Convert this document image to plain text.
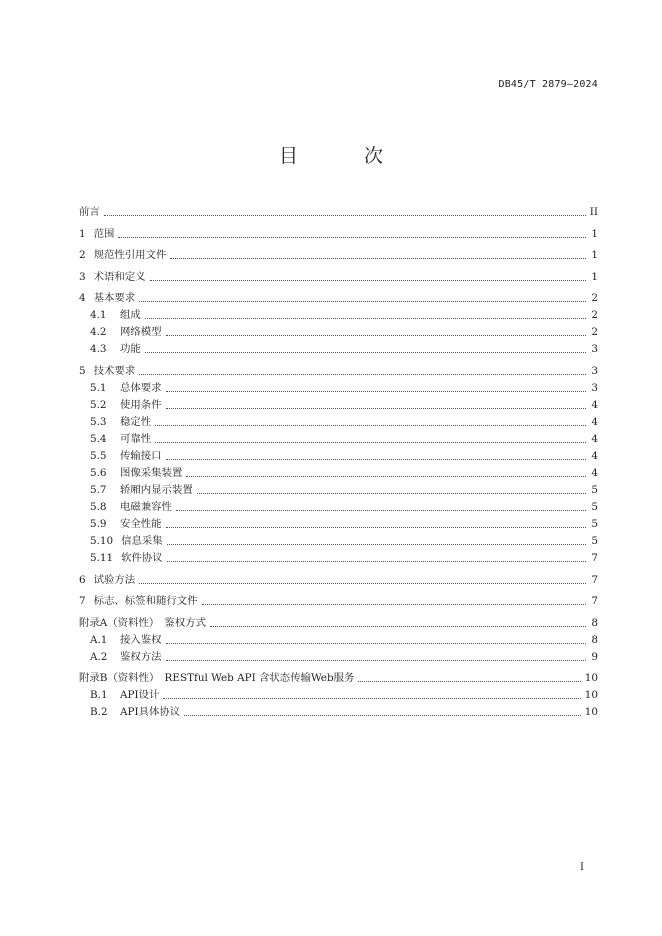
DB45/T 2879—2024
目 次
前言	II
1 范围	1
2 规范性引用文件	1
3 术语和定义	1
4 基本要求	2
4.1	组成	2
4.2	网络模型	2
4.3	功能	3
5 技术要求	3
5.1	总体要求	3
5.2	使用条件	4
5.3	稳定性	4
5.4	可靠性	4
5.5	传输接口	4
5.6	图像采集装置	4
5.7	轿厢内显示装置	5
5.8	电磁兼容性	5
5.9	安全性能	5
5.10 信息采集	5
5.11 软件协议	7
6 试验方法	7
7 标志、标签和随行文件	7
附录A（资料性）　鉴权方式	8
A.1	接入鉴权	8
A.2	鉴权方法	9
附录B（资料性）　RESTful Web API 含状态传输Web服务	10
B.1	API设计	10
B.2	API具体协议	10
I
